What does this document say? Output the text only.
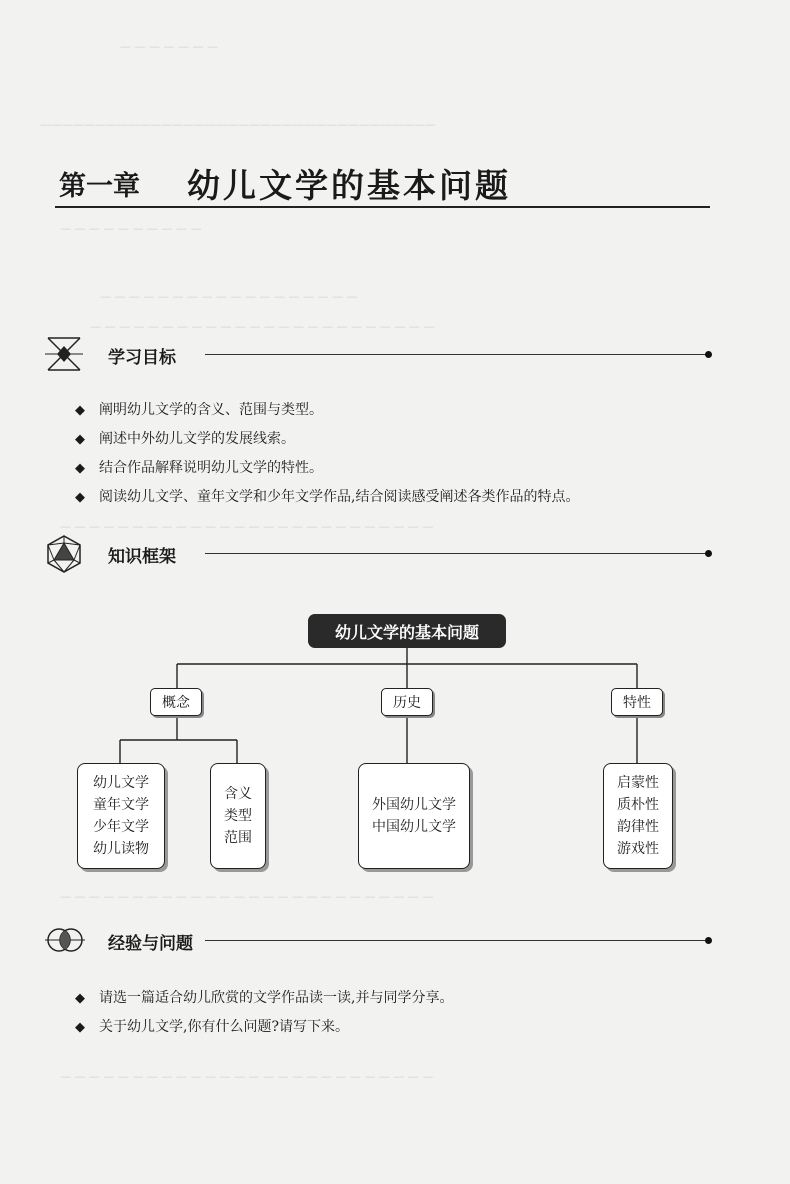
— — — — — — —
————————————————————————————————————
— — — — — — — — — —
— — — — — — — — — — — — — — — — — —
— — — — — — — — — — — — — — — — — — — — — — — —
— — — — — — — — — — — — — — — — — — — — — — — — — —
— — — — — — — — — — — — — — — — — — — — — — — — — —
— — — — — — — — — — — — — — — — — — — — — — — — — —
第一章 幼儿文学的基本问题
学习目标
◆ 阐明幼儿文学的含义、范围与类型。
◆ 阐述中外幼儿文学的发展线索。
◆ 结合作品解释说明幼儿文学的特性。
◆ 阅读幼儿文学、童年文学和少年文学作品,结合阅读感受阐述各类作品的特点。
知识框架
幼儿文学的基本问题
概念	历史	特性
幼儿文学
童年文学
少年文学
幼儿读物
含义
类型
范围
外国幼儿文学
中国幼儿文学
启蒙性
质朴性
韵律性
游戏性
经验与问题
◆ 请选一篇适合幼儿欣赏的文学作品读一读,并与同学分享。
◆ 关于幼儿文学,你有什么问题?请写下来。
